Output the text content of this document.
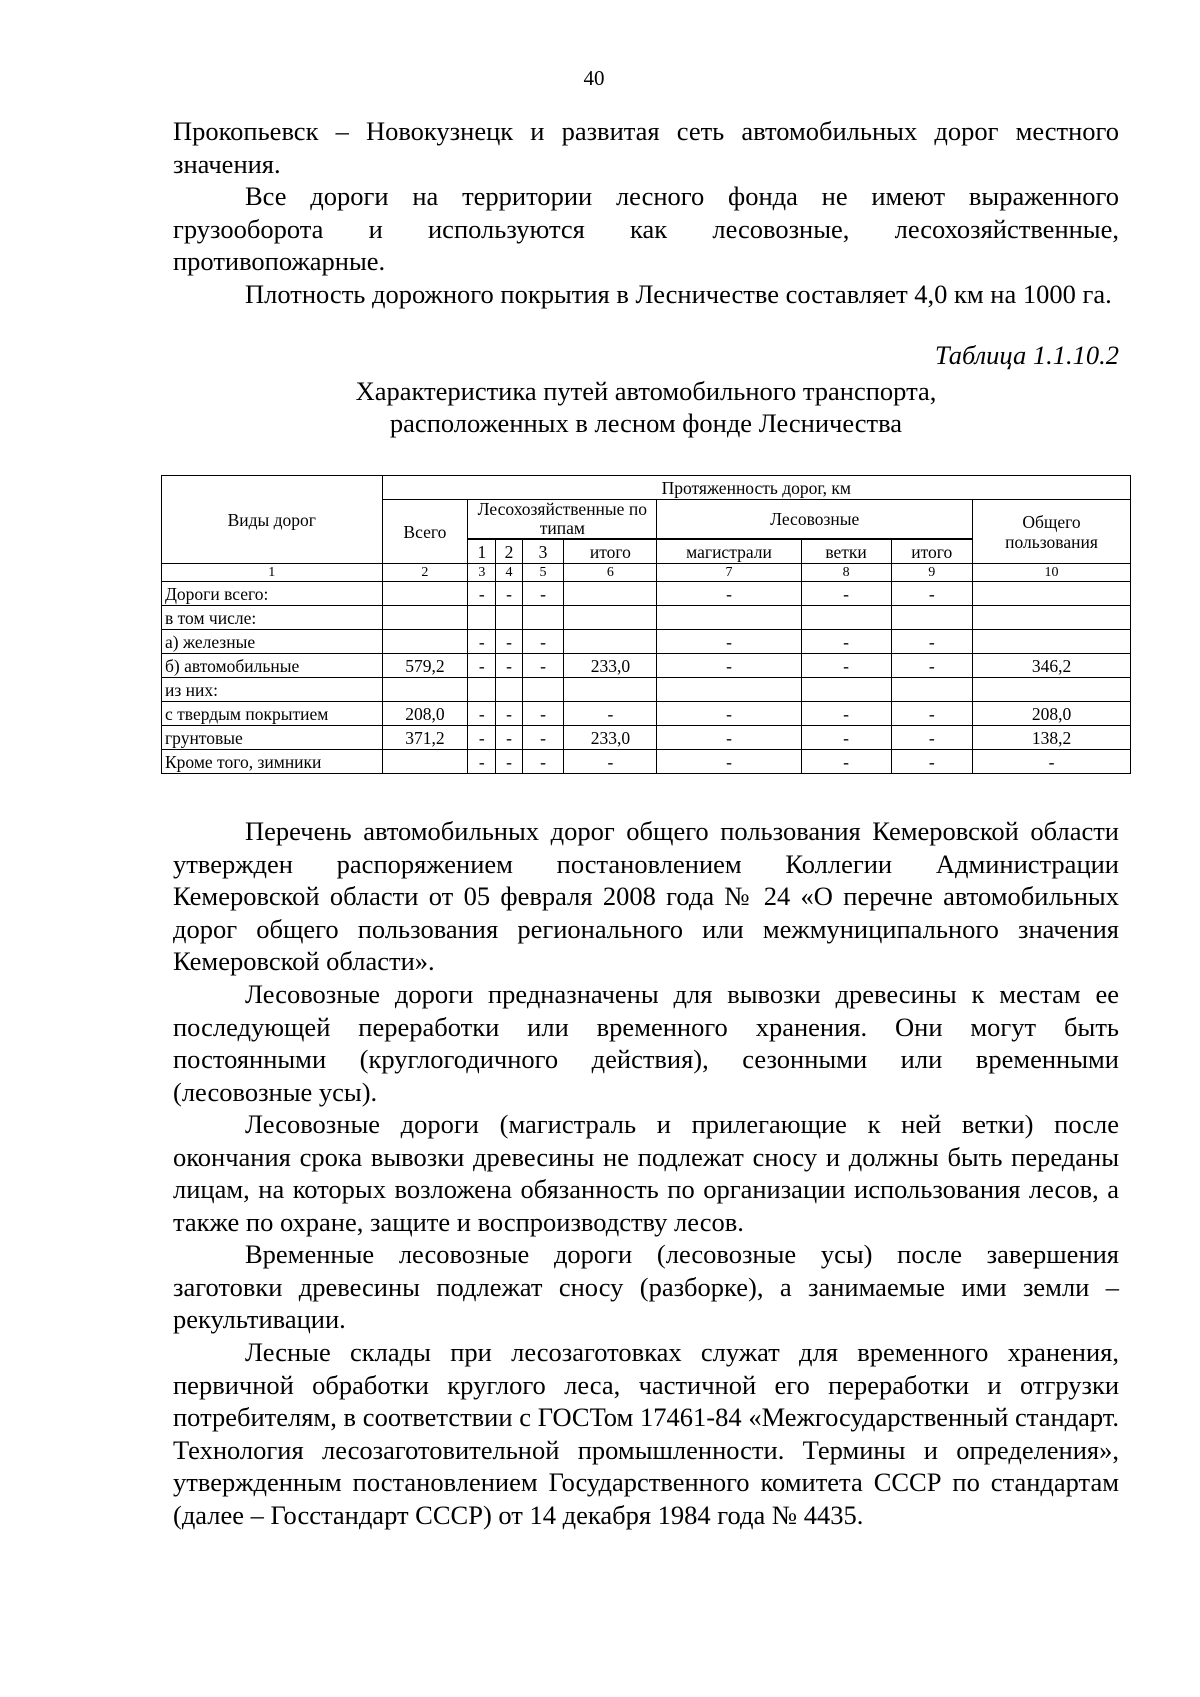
40

Прокопьевск – Новокузнецк и развитая сеть автомобильных дорог местного значения.

Все дороги на территории лесного фонда не имеют выраженного грузооборота и используются как лесовозные, лесохозяйственные, противопожарные.

Плотность дорожного покрытия в Лесничестве составляет 4,0 км на 1000 га.

Таблица 1.1.10.2
Характеристика путей автомобильного транспорта,
расположенных в лесном фонде Лесничества
Виды дорог	Протяженность дорог, км								
	Всего	Лесохозяйственные по типам				Лесовозные			Общего пользования

		1	2	3	итого	магистрали	ветки	итого	
1	2	3	4	5	6	7	8	9	10
Дороги всего:		-	-	-		-	-	-	
в том числе:									
а) железные		-	-	-		-	-	-	
б) автомобильные	579,2	-	-	-	233,0	-	-	-	346,2
из них:									
с твердым покрытием	208,0	-	-	-	-	-	-	-	208,0
грунтовые	371,2	-	-	-	233,0	-	-	-	138,2
Кроме того, зимники		-	-	-	-	-	-	-	-

Перечень автомобильных дорог общего пользования Кемеровской области утвержден распоряжением постановлением Коллегии Администрации Кемеровской области от 05 февраля 2008 года № 24 «О перечне автомобильных дорог общего пользования регионального или межмуниципального значения Кемеровской области».

Лесовозные дороги предназначены для вывозки древесины к местам ее последующей переработки или временного хранения. Они могут быть постоянными (круглогодичного действия), сезонными или временными (лесовозные усы).

Лесовозные дороги (магистраль и прилегающие к ней ветки) после окончания срока вывозки древесины не подлежат сносу и должны быть переданы лицам, на которых возложена обязанность по организации использования лесов, а также по охране, защите и воспроизводству лесов.

Временные лесовозные дороги (лесовозные усы) после завершения заготовки древесины подлежат сносу (разборке), а занимаемые ими земли – рекультивации.

Лесные склады при лесозаготовках служат для временного хранения, первичной обработки круглого леса, частичной его переработки и отгрузки потребителям, в соответствии с ГОСТом 17461-84 «Межгосударственный стандарт. Технология лесозаготовительной промышленности. Термины и определения», утвержденным постановлением Государственного комитета СССР по стандартам (далее – Госстандарт СССР) от 14 декабря 1984 года № 4435.
